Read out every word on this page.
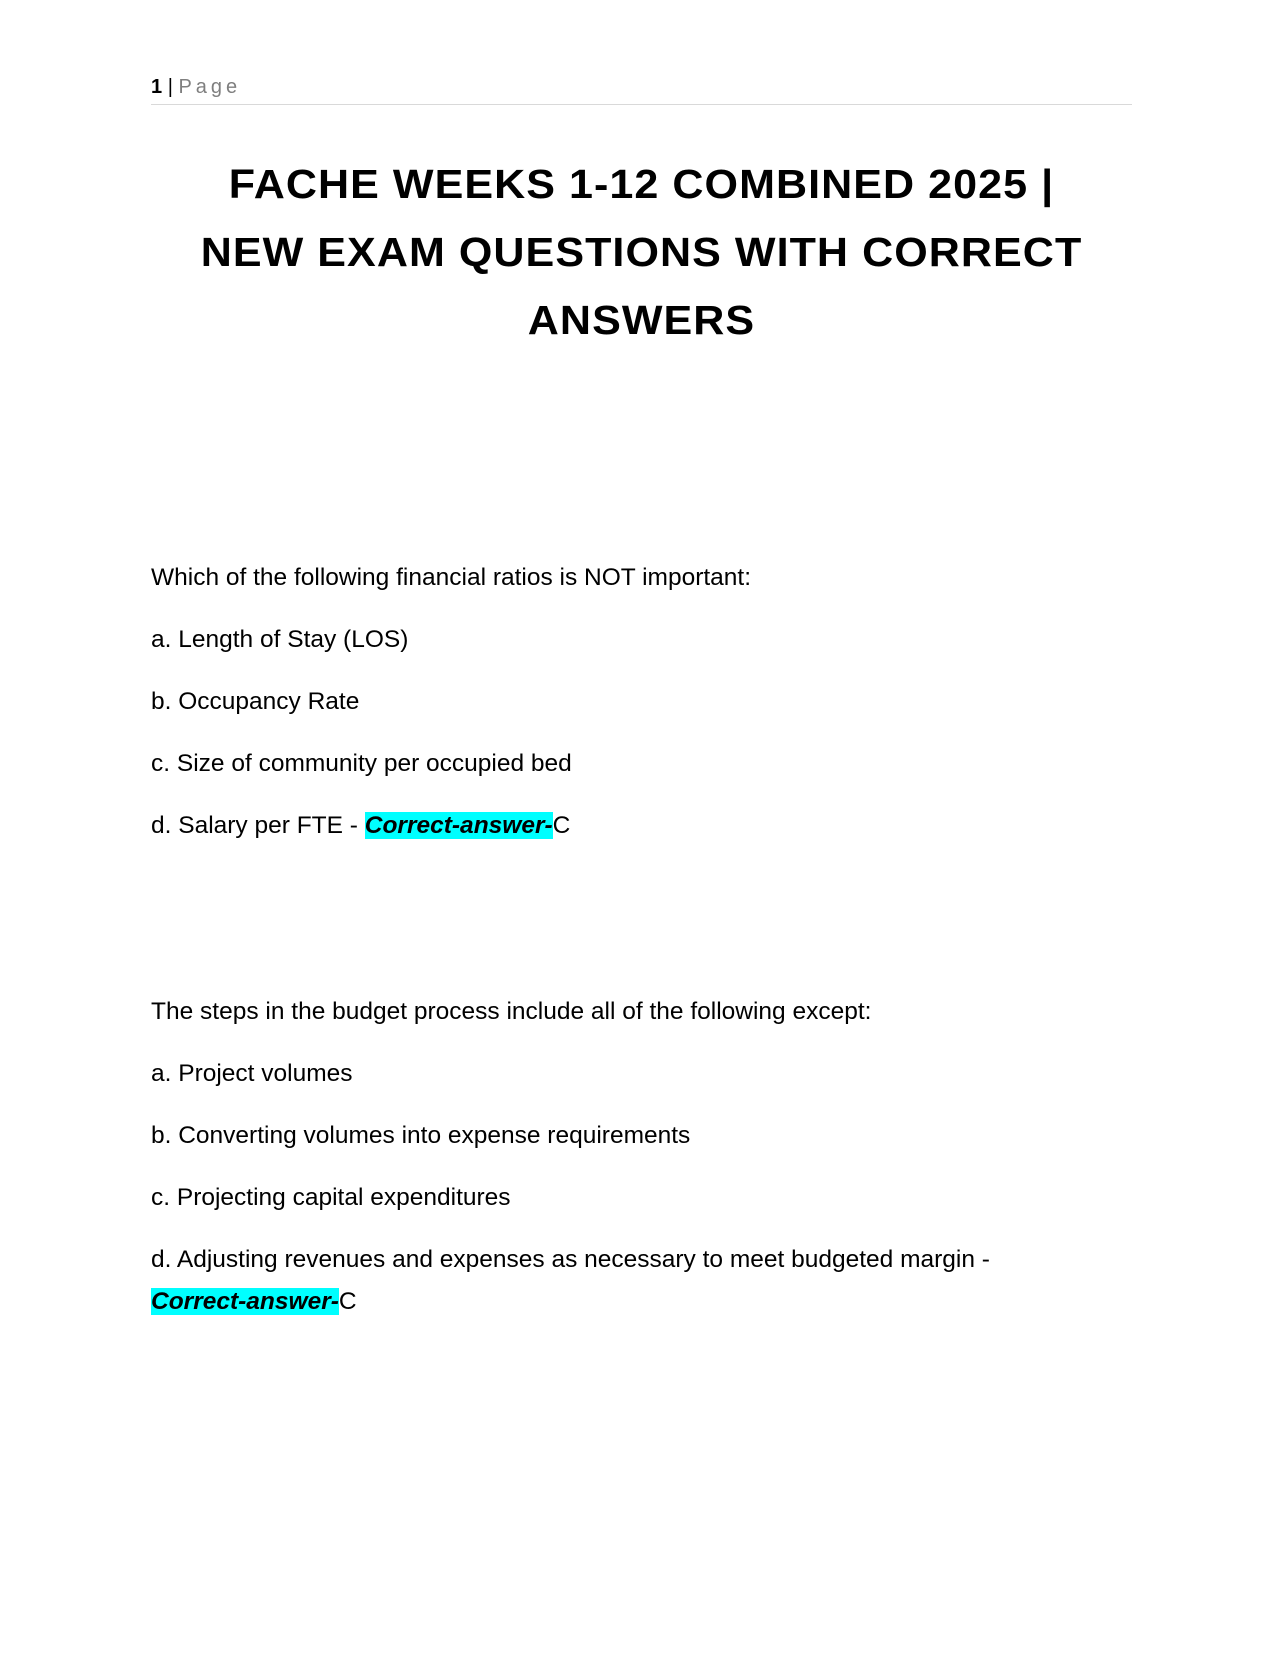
1 | Page
FACHE WEEKS 1-12 COMBINED 2025 |
NEW EXAM QUESTIONS WITH CORRECT
ANSWERS
Which of the following financial ratios is NOT important:
a. Length of Stay (LOS)
b. Occupancy Rate
c. Size of community per occupied bed
d. Salary per FTE - Correct-answer-C
The steps in the budget process include all of the following except:
a. Project volumes
b. Converting volumes into expense requirements
c. Projecting capital expenditures
d. Adjusting revenues and expenses as necessary to meet budgeted margin -
Correct-answer-C
